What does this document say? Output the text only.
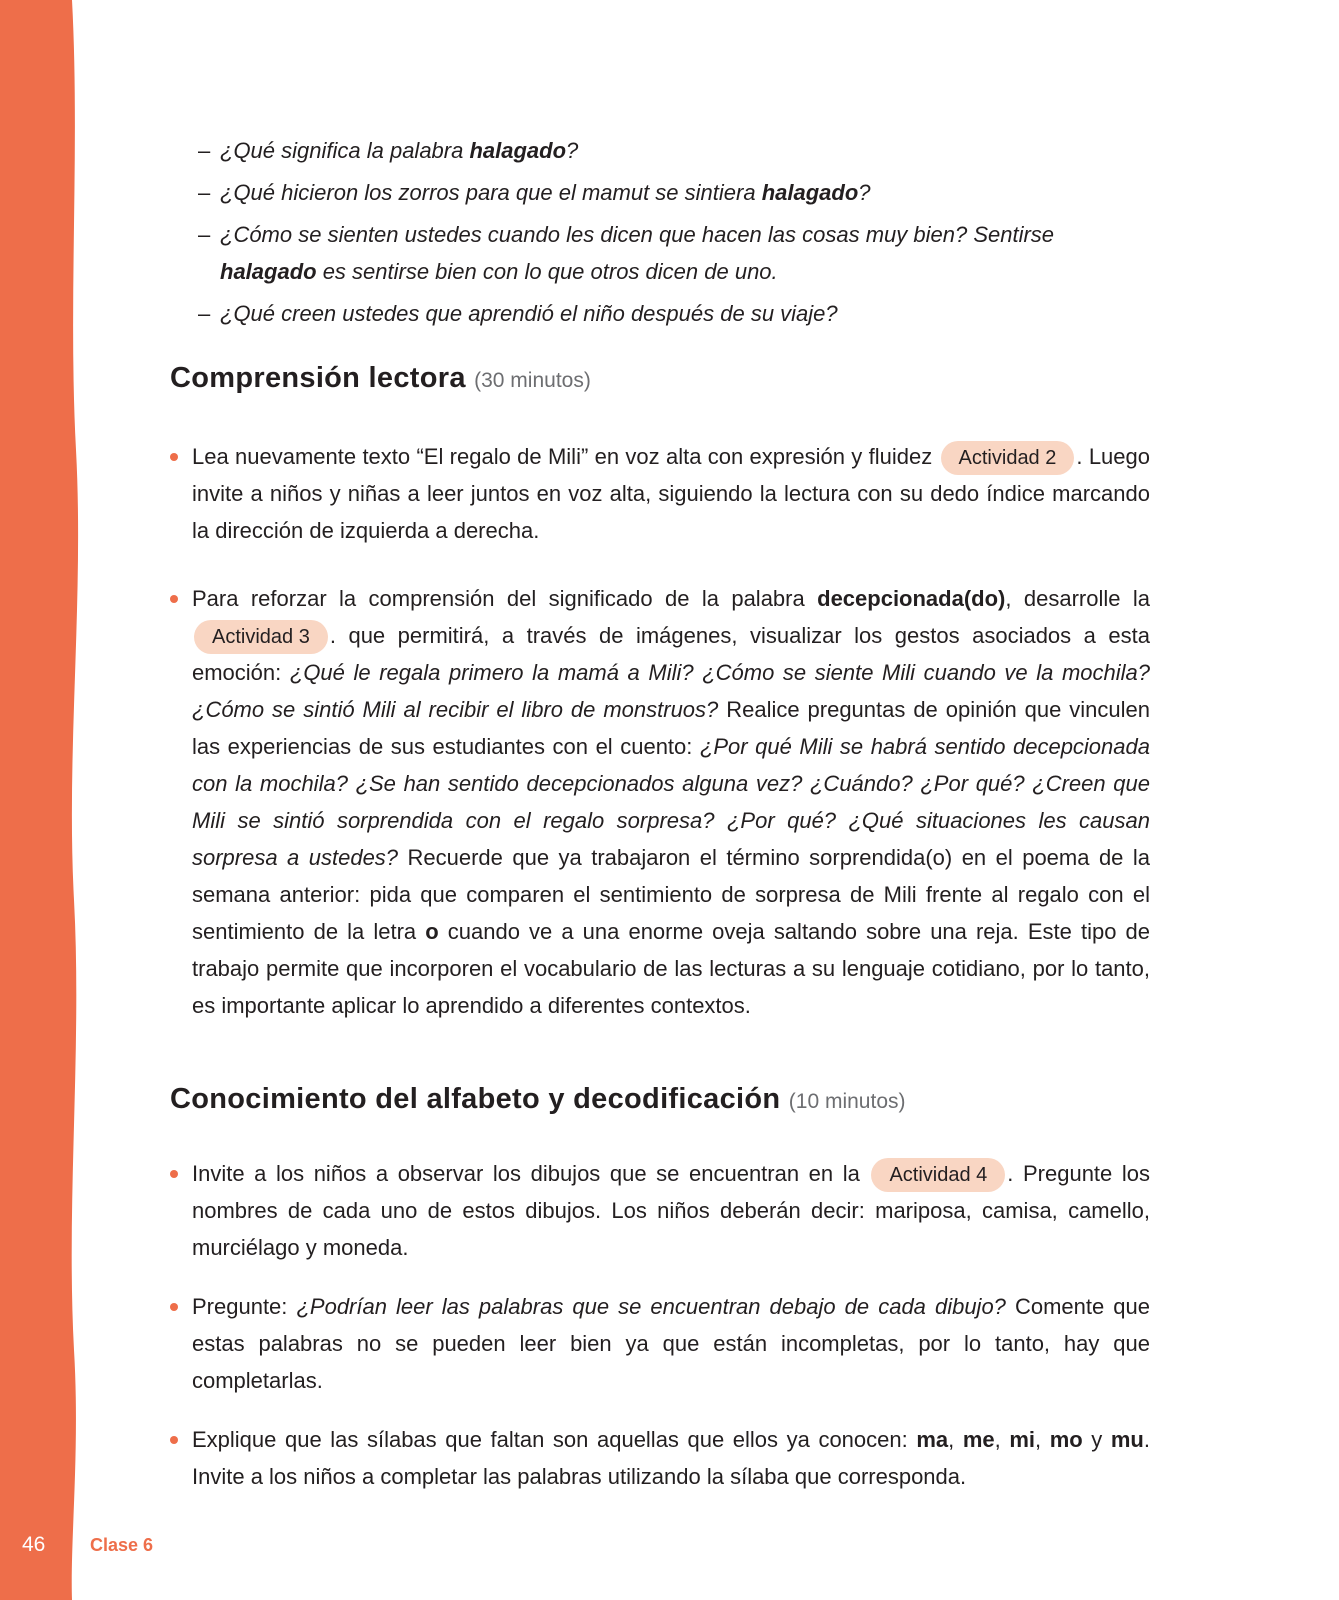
– ¿Qué significa la palabra halagado?
– ¿Qué hicieron los zorros para que el mamut se sintiera halagado?
– ¿Cómo se sienten ustedes cuando les dicen que hacen las cosas muy bien? Sentirse halagado es sentirse bien con lo que otros dicen de uno.
– ¿Qué creen ustedes que aprendió el niño después de su viaje?
Comprensión lectora (30 minutos)
Lea nuevamente texto “El regalo de Mili” en voz alta con expresión y fluidez Actividad 2 . Luego invite a niños y niñas a leer juntos en voz alta, siguiendo la lectura con su dedo índice marcando la dirección de izquierda a derecha.
Para reforzar la comprensión del significado de la palabra decepcionada(do), desarrolle la Actividad 3 . que permitirá, a través de imágenes, visualizar los gestos asociados a esta emoción: ¿Qué le regala primero la mamá a Mili? ¿Cómo se siente Mili cuando ve la mochila? ¿Cómo se sintió Mili al recibir el libro de monstruos? Realice preguntas de opinión que vinculen las experiencias de sus estudiantes con el cuento: ¿Por qué Mili se habrá sentido decepcionada con la mochila? ¿Se han sentido decepcionados alguna vez? ¿Cuándo? ¿Por qué? ¿Creen que Mili se sintió sorprendida con el regalo sorpresa? ¿Por qué? ¿Qué situaciones les causan sorpresa a ustedes? Recuerde que ya trabajaron el término sorprendida(o) en el poema de la semana anterior: pida que comparen el sentimiento de sorpresa de Mili frente al regalo con el sentimiento de la letra o cuando ve a una enorme oveja saltando sobre una reja. Este tipo de trabajo permite que incorporen el vocabulario de las lecturas a su lenguaje cotidiano, por lo tanto, es importante aplicar lo aprendido a diferentes contextos.
Conocimiento del alfabeto y decodificación (10 minutos)
Invite a los niños a observar los dibujos que se encuentran en la Actividad 4 . Pregunte los nombres de cada uno de estos dibujos. Los niños deberán decir: mariposa, camisa, camello, murciélago y moneda.
Pregunte: ¿Podrían leer las palabras que se encuentran debajo de cada dibujo? Comente que estas palabras no se pueden leer bien ya que están incompletas, por lo tanto, hay que completarlas.
Explique que las sílabas que faltan son aquellas que ellos ya conocen: ma, me, mi, mo y mu. Invite a los niños a completar las palabras utilizando la sílaba que corresponda.
46 Clase 6
